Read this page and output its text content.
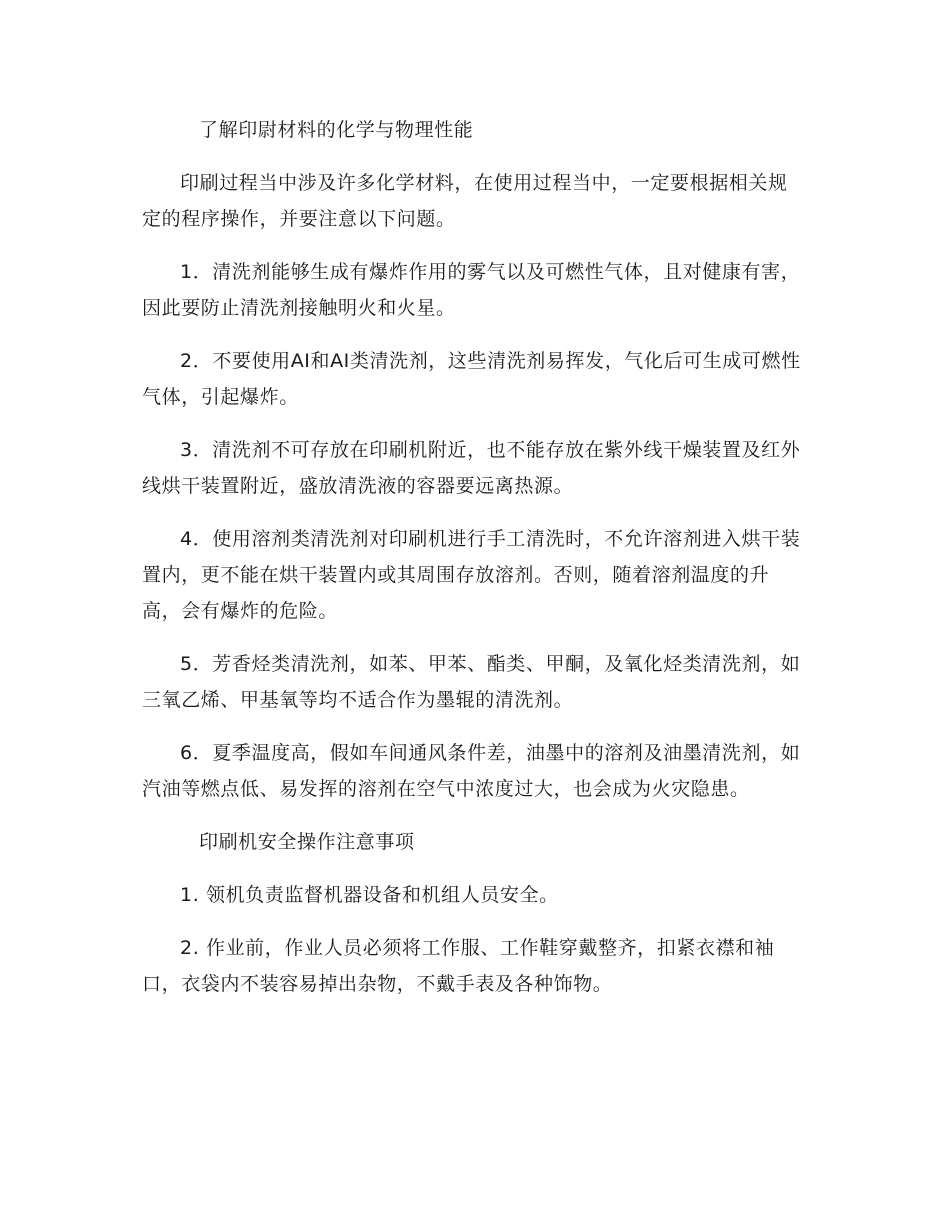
了解印尉材料的化学与物理性能

印刷过程当中涉及许多化学材料，在使用过程当中，一定要根据相关规定的程序操作，并要注意以下问题。

1．清洗剂能够生成有爆炸作用的雾气以及可燃性气体，且对健康有害，因此要防止清洗剂接触明火和火星。

2．不要使用AI和AI类清洗剂，这些清洗剂易挥发，气化后可生成可燃性气体，引起爆炸。

3．清洗剂不可存放在印刷机附近，也不能存放在紫外线干燥装置及红外线烘干装置附近，盛放清洗液的容器要远离热源。

4．使用溶剂类清洗剂对印刷机进行手工清洗时，不允许溶剂进入烘干装置内，更不能在烘干装置内或其周围存放溶剂。否则，随着溶剂温度的升高，会有爆炸的危险。

5．芳香烃类清洗剂，如苯、甲苯、酯类、甲酮，及氧化烃类清洗剂，如三氧乙烯、甲基氧等均不适合作为墨辊的清洗剂。

6．夏季温度高，假如车间通风条件差，油墨中的溶剂及油墨清洗剂，如汽油等燃点低、易发挥的溶剂在空气中浓度过大，也会成为火灾隐患。

印刷机安全操作注意事项

1. 领机负责监督机器设备和机组人员安全。

2. 作业前，作业人员必须将工作服、工作鞋穿戴整齐，扣紧衣襟和袖口，衣袋内不装容易掉出杂物，不戴手表及各种饰物。
